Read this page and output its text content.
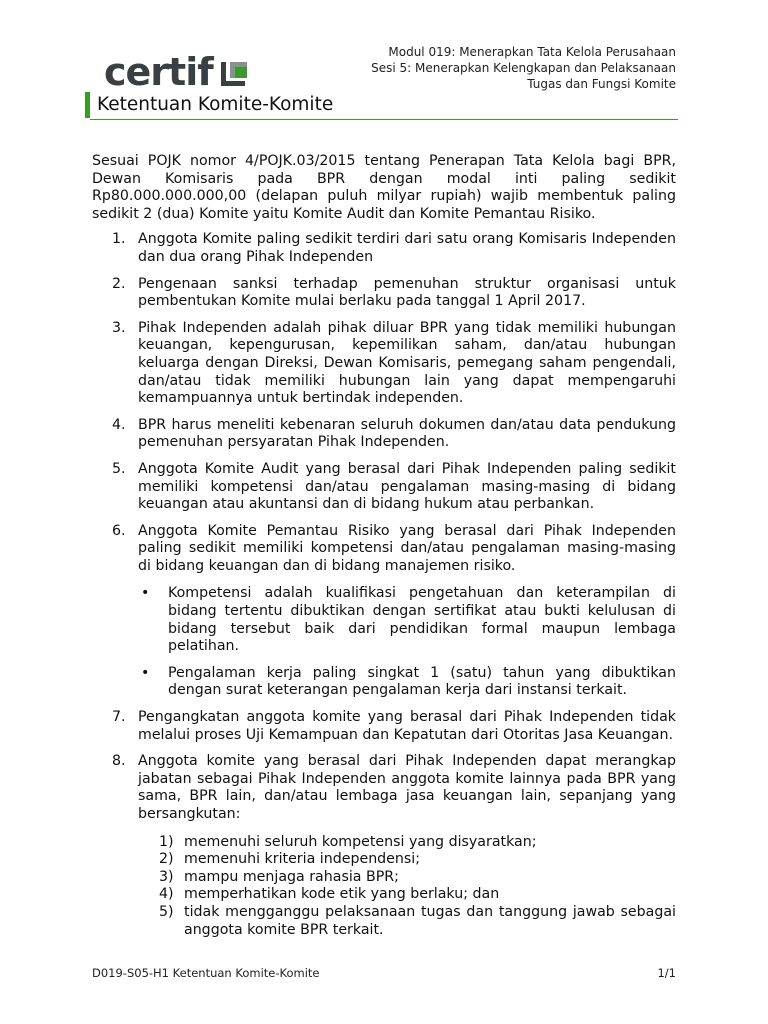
certif	Modul 019: Menerapkan Tata Kelola Perusahaan
Sesi 5: Menerapkan Kelengkapan dan Pelaksanaan
Tugas dan Fungsi Komite
Ketentuan Komite-Komite

Sesuai POJK nomor 4/POJK.03/2015 tentang Penerapan Tata Kelola bagi BPR, Dewan Komisaris pada BPR dengan modal inti paling sedikit Rp80.000.000.000,00 (delapan puluh milyar rupiah) wajib membentuk paling sedikit 2 (dua) Komite yaitu Komite Audit dan Komite Pemantau Risiko.

1. Anggota Komite paling sedikit terdiri dari satu orang Komisaris Independen dan dua orang Pihak Independen
2. Pengenaan sanksi terhadap pemenuhan struktur organisasi untuk pembentukan Komite mulai berlaku pada tanggal 1 April 2017.
3. Pihak Independen adalah pihak diluar BPR yang tidak memiliki hubungan keuangan, kepengurusan, kepemilikan saham, dan/atau hubungan keluarga dengan Direksi, Dewan Komisaris, pemegang saham pengendali, dan/atau tidak memiliki hubungan lain yang dapat mempengaruhi kemampuannya untuk bertindak independen.
4. BPR harus meneliti kebenaran seluruh dokumen dan/atau data pendukung pemenuhan persyaratan Pihak Independen.
5. Anggota Komite Audit yang berasal dari Pihak Independen paling sedikit memiliki kompetensi dan/atau pengalaman masing-masing di bidang keuangan atau akuntansi dan di bidang hukum atau perbankan.
6. Anggota Komite Pemantau Risiko yang berasal dari Pihak Independen paling sedikit memiliki kompetensi dan/atau pengalaman masing-masing di bidang keuangan dan di bidang manajemen risiko.
• Kompetensi adalah kualifikasi pengetahuan dan keterampilan di bidang tertentu dibuktikan dengan sertifikat atau bukti kelulusan di bidang tersebut baik dari pendidikan formal maupun lembaga pelatihan.
• Pengalaman kerja paling singkat 1 (satu) tahun yang dibuktikan dengan surat keterangan pengalaman kerja dari instansi terkait.
7. Pengangkatan anggota komite yang berasal dari Pihak Independen tidak melalui proses Uji Kemampuan dan Kepatutan dari Otoritas Jasa Keuangan.
8. Anggota komite yang berasal dari Pihak Independen dapat merangkap jabatan sebagai Pihak Independen anggota komite lainnya pada BPR yang sama, BPR lain, dan/atau lembaga jasa keuangan lain, sepanjang yang bersangkutan:
1) memenuhi seluruh kompetensi yang disyaratkan;
2) memenuhi kriteria independensi;
3) mampu menjaga rahasia BPR;
4) memperhatikan kode etik yang berlaku; dan
5) tidak mengganggu pelaksanaan tugas dan tanggung jawab sebagai anggota komite BPR terkait.
D019-S05-H1 Ketentuan Komite-Komite	1/1
